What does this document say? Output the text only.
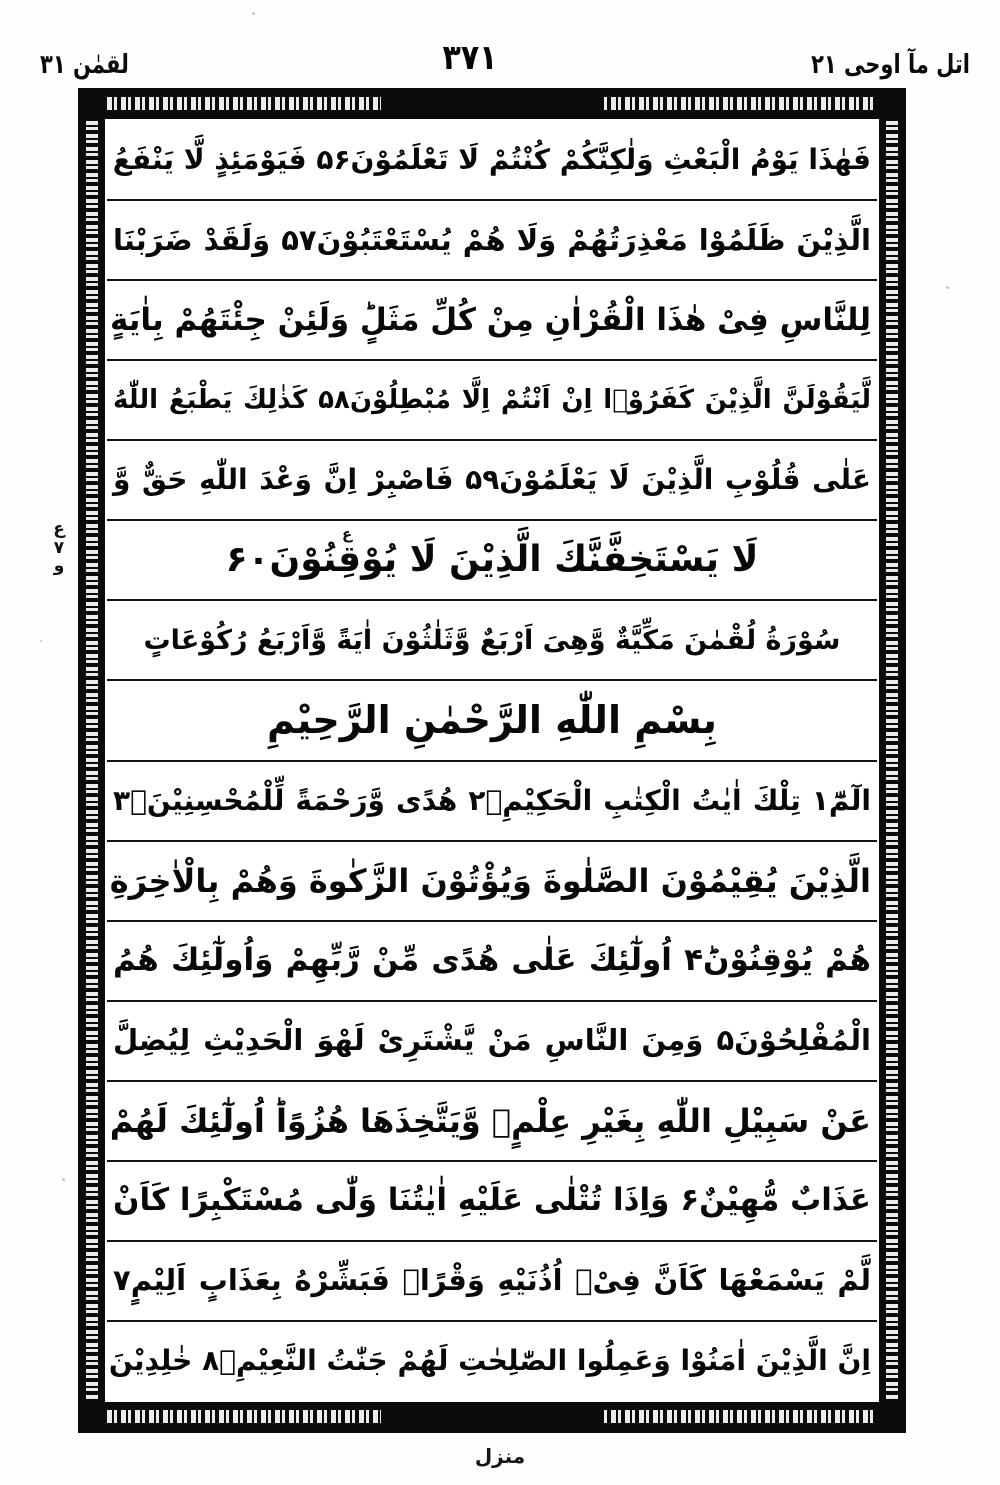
اتل مآ اوحی ۲۱
۳۷۱
لقمٰن ۳۱
ع ۷ و
فَهٰذَا يَوْمُ الْبَعْثِ وَلٰكِنَّكُمْ كُنْتُمْ لَا تَعْلَمُوْنَ۵۶ فَيَوْمَئِذٍ لَّا يَنْفَعُ
الَّذِيْنَ ظَلَمُوْا مَعْذِرَتُهُمْ وَلَا هُمْ يُسْتَعْتَبُوْنَ۵۷ وَلَقَدْ ضَرَبْنَا
لِلنَّاسِ فِىْ هٰذَا الْقُرْاٰنِ مِنْ كُلِّ مَثَلٍؕ وَلَئِنْ جِئْتَهُمْ بِاٰيَةٍ
لَّيَقُوْلَنَّ الَّذِيْنَ كَفَرُوْۤا اِنْ اَنْتُمْ اِلَّا مُبْطِلُوْنَ۵۸ كَذٰلِكَ يَطْبَعُ اللّٰهُ
عَلٰى قُلُوْبِ الَّذِيْنَ لَا يَعْلَمُوْنَ۵۹ فَاصْبِرْ اِنَّ وَعْدَ اللّٰهِ حَقٌّ وَّ
ع
لَا يَسْتَخِفَّنَّكَ الَّذِيْنَ لَا يُوْقِنُوْنَ۶۰
سُوْرَةُ لُقْمٰنَ مَكِّيَّةٌ وَّهِىَ اَرْبَعٌ وَّثَلٰثُوْنَ اٰيَةً وَّاَرْبَعُ رُكُوْعَاتٍ
بِسْمِ اللّٰهِ الرَّحْمٰنِ الرَّحِيْمِ
الٓمّٓ۱ تِلْكَ اٰيٰتُ الْكِتٰبِ الْحَكِيْمِۙ۲ هُدًى وَّرَحْمَةً لِّلْمُحْسِنِيْنَۙ۳
الَّذِيْنَ يُقِيْمُوْنَ الصَّلٰوةَ وَيُؤْتُوْنَ الزَّكٰوةَ وَهُمْ بِالْاٰخِرَةِ
هُمْ يُوْقِنُوْنَؕ۴ اُولٰٓئِكَ عَلٰى هُدًى مِّنْ رَّبِّهِمْ وَاُولٰٓئِكَ هُمُ
الْمُفْلِحُوْنَ۵ وَمِنَ النَّاسِ مَنْ يَّشْتَرِىْ لَهْوَ الْحَدِيْثِ لِيُضِلَّ
عَنْ سَبِيْلِ اللّٰهِ بِغَيْرِ عِلْمٍۙ وَّيَتَّخِذَهَا هُزُوًاؕ اُولٰٓئِكَ لَهُمْ
عَذَابٌ مُّهِيْنٌ۶ وَاِذَا تُتْلٰى عَلَيْهِ اٰيٰتُنَا وَلّٰى مُسْتَكْبِرًا كَاَنْ
لَّمْ يَسْمَعْهَا كَاَنَّ فِىْۤ اُذُنَيْهِ وَقْرًاۚ فَبَشِّرْهُ بِعَذَابٍ اَلِيْمٍ۷
اِنَّ الَّذِيْنَ اٰمَنُوْا وَعَمِلُوا الصّٰلِحٰتِ لَهُمْ جَنّٰتُ النَّعِيْمِۙ۸ خٰلِدِيْنَ
منزل
